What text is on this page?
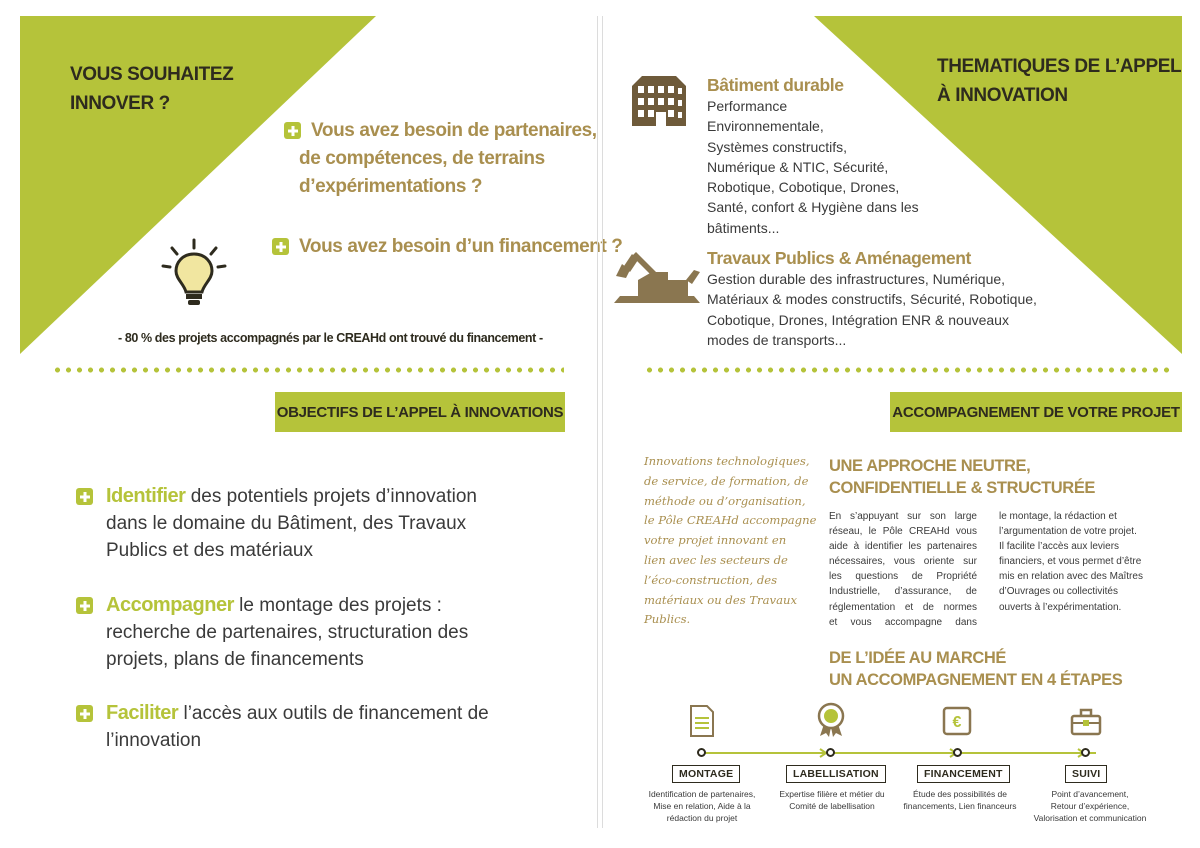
VOUS SOUHAITEZ
INNOVER ?
Vous avez besoin de partenaires,
de compétences, de terrains
d’expérimentations ?
Vous avez besoin d’un financement ?
- 80 % des projets accompagnés par le CREAHd ont trouvé du financement -
OBJECTIFS DE L’APPEL À INNOVATIONS
Identifier des potentiels projets d’innovation
dans le domaine du Bâtiment, des Travaux
Publics et des matériaux
Accompagner le montage des projets :
recherche de partenaires, structuration des
projets, plans de financements
Faciliter l’accès aux outils de financement de
l’innovation
THEMATIQUES DE L’APPEL
À INNOVATION
Bâtiment durable
Performance
Environnementale,
Systèmes constructifs,
Numérique & NTIC, Sécurité,
Robotique, Cobotique, Drones,
Santé, confort & Hygiène dans les
bâtiments...
Travaux Publics & Aménagement
Gestion durable des infrastructures, Numérique,
Matériaux & modes constructifs, Sécurité, Robotique,
Cobotique, Drones, Intégration ENR & nouveaux
modes de transports...
ACCOMPAGNEMENT DE VOTRE PROJET
Innovations technologiques,
de service, de formation, de
méthode ou d’organisation,
le Pôle CREAHd accompagne
votre projet innovant en
lien avec les secteurs de
l’éco-construction, des
matériaux ou des Travaux
Publics.
UNE APPROCHE NEUTRE,
CONFIDENTIELLE & STRUCTURÉE
En s’appuyant sur son large
réseau, le Pôle CREAHd vous
aide à identifier les partenaires
nécessaires, vous oriente sur
les questions de Propriété
Industrielle, d’assurance, de
réglementation et de normes
et vous accompagne dans
le montage, la rédaction et
l’argumentation de votre projet.
Il facilite l’accès aux leviers
financiers, et vous permet d’être
mis en relation avec des Maîtres
d’Ouvrages ou collectivités
ouverts à l’expérimentation.
DE L’IDÉE AU MARCHÉ
UN ACCOMPAGNEMENT EN 4 ÉTAPES
MONTAGE
Identification de partenaires,
Mise en relation, Aide à la
rédaction du projet
LABELLISATION
Expertise filière et métier du
Comité de labellisation
€
FINANCEMENT
Étude des possibilités de
financements, Lien financeurs
SUIVI
Point d’avancement,
Retour d’expérience,
Valorisation et communication
